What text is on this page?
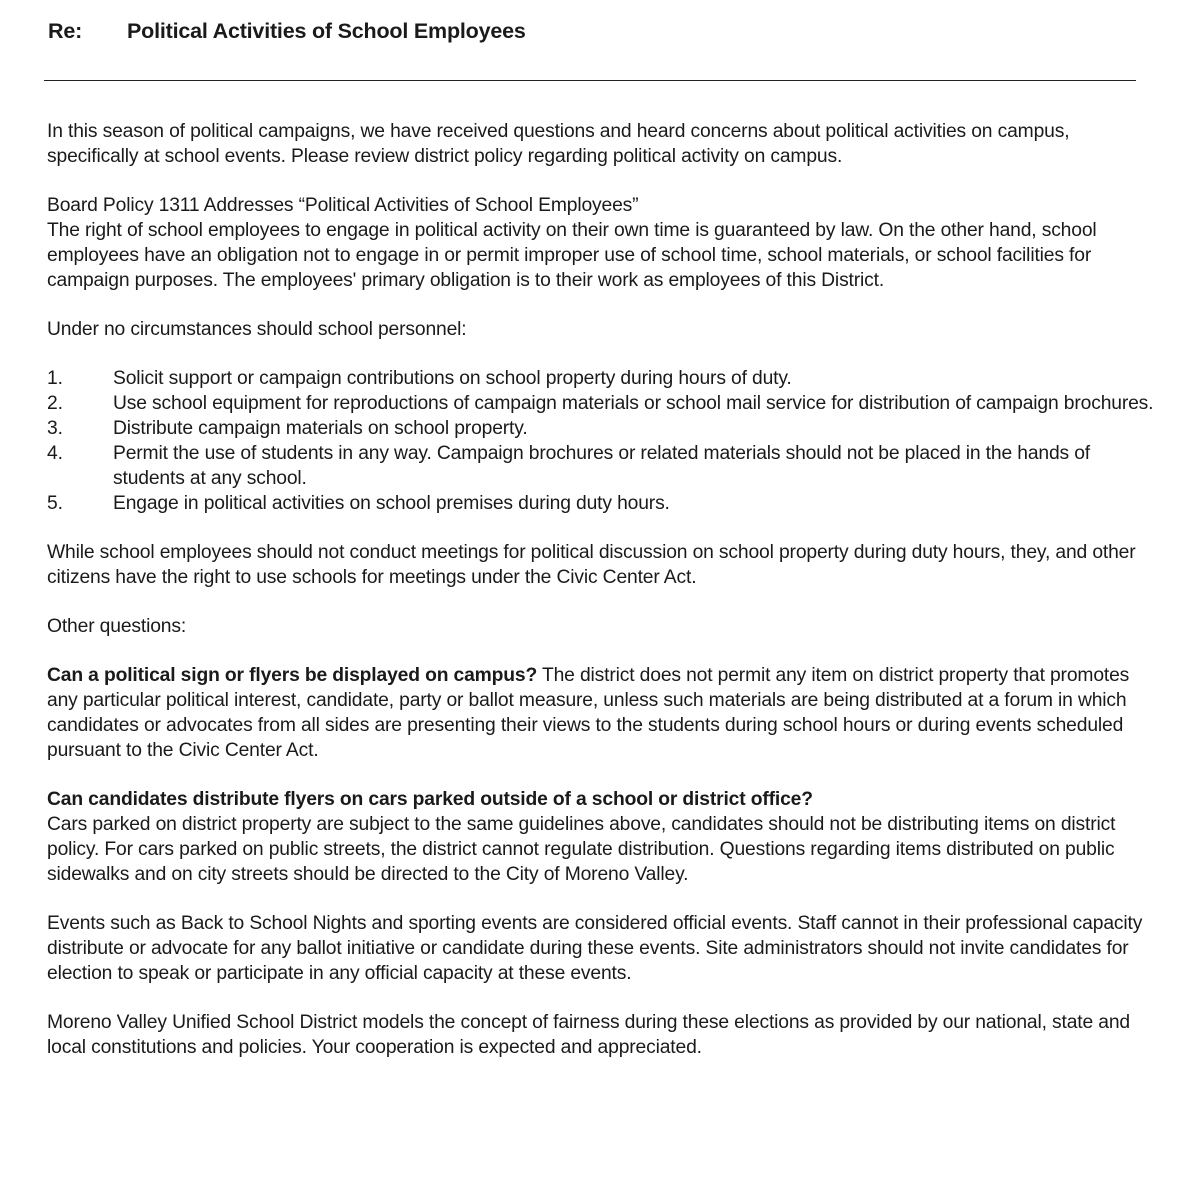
Re: Political Activities of School Employees

In this season of political campaigns, we have received questions and heard concerns about political activities on campus, specifically at school events. Please review district policy regarding political activity on campus.

Board Policy 1311 Addresses “Political Activities of School Employees”
The right of school employees to engage in political activity on their own time is guaranteed by law. On the other hand, school employees have an obligation not to engage in or permit improper use of school time, school materials, or school facilities for campaign purposes. The employees' primary obligation is to their work as employees of this District.

Under no circumstances should school personnel:

1.	Solicit support or campaign contributions on school property during hours of duty.
2.	Use school equipment for reproductions of campaign materials or school mail service for distribution of campaign brochures.
3.	Distribute campaign materials on school property.
4.	Permit the use of students in any way. Campaign brochures or related materials should not be placed in the hands of students at any school.
5.	Engage in political activities on school premises during duty hours.

While school employees should not conduct meetings for political discussion on school property during duty hours, they, and other citizens have the right to use schools for meetings under the Civic Center Act.

Other questions:

Can a political sign or flyers be displayed on campus? The district does not permit any item on district property that promotes any particular political interest, candidate, party or ballot measure, unless such materials are being distributed at a forum in which candidates or advocates from all sides are presenting their views to the students during school hours or during events scheduled pursuant to the Civic Center Act.

Can candidates distribute flyers on cars parked outside of a school or district office?
Cars parked on district property are subject to the same guidelines above, candidates should not be distributing items on district policy. For cars parked on public streets, the district cannot regulate distribution. Questions regarding items distributed on public sidewalks and on city streets should be directed to the City of Moreno Valley.

Events such as Back to School Nights and sporting events are considered official events. Staff cannot in their professional capacity distribute or advocate for any ballot initiative or candidate during these events. Site administrators should not invite candidates for election to speak or participate in any official capacity at these events.

Moreno Valley Unified School District models the concept of fairness during these elections as provided by our national, state and local constitutions and policies. Your cooperation is expected and appreciated.
